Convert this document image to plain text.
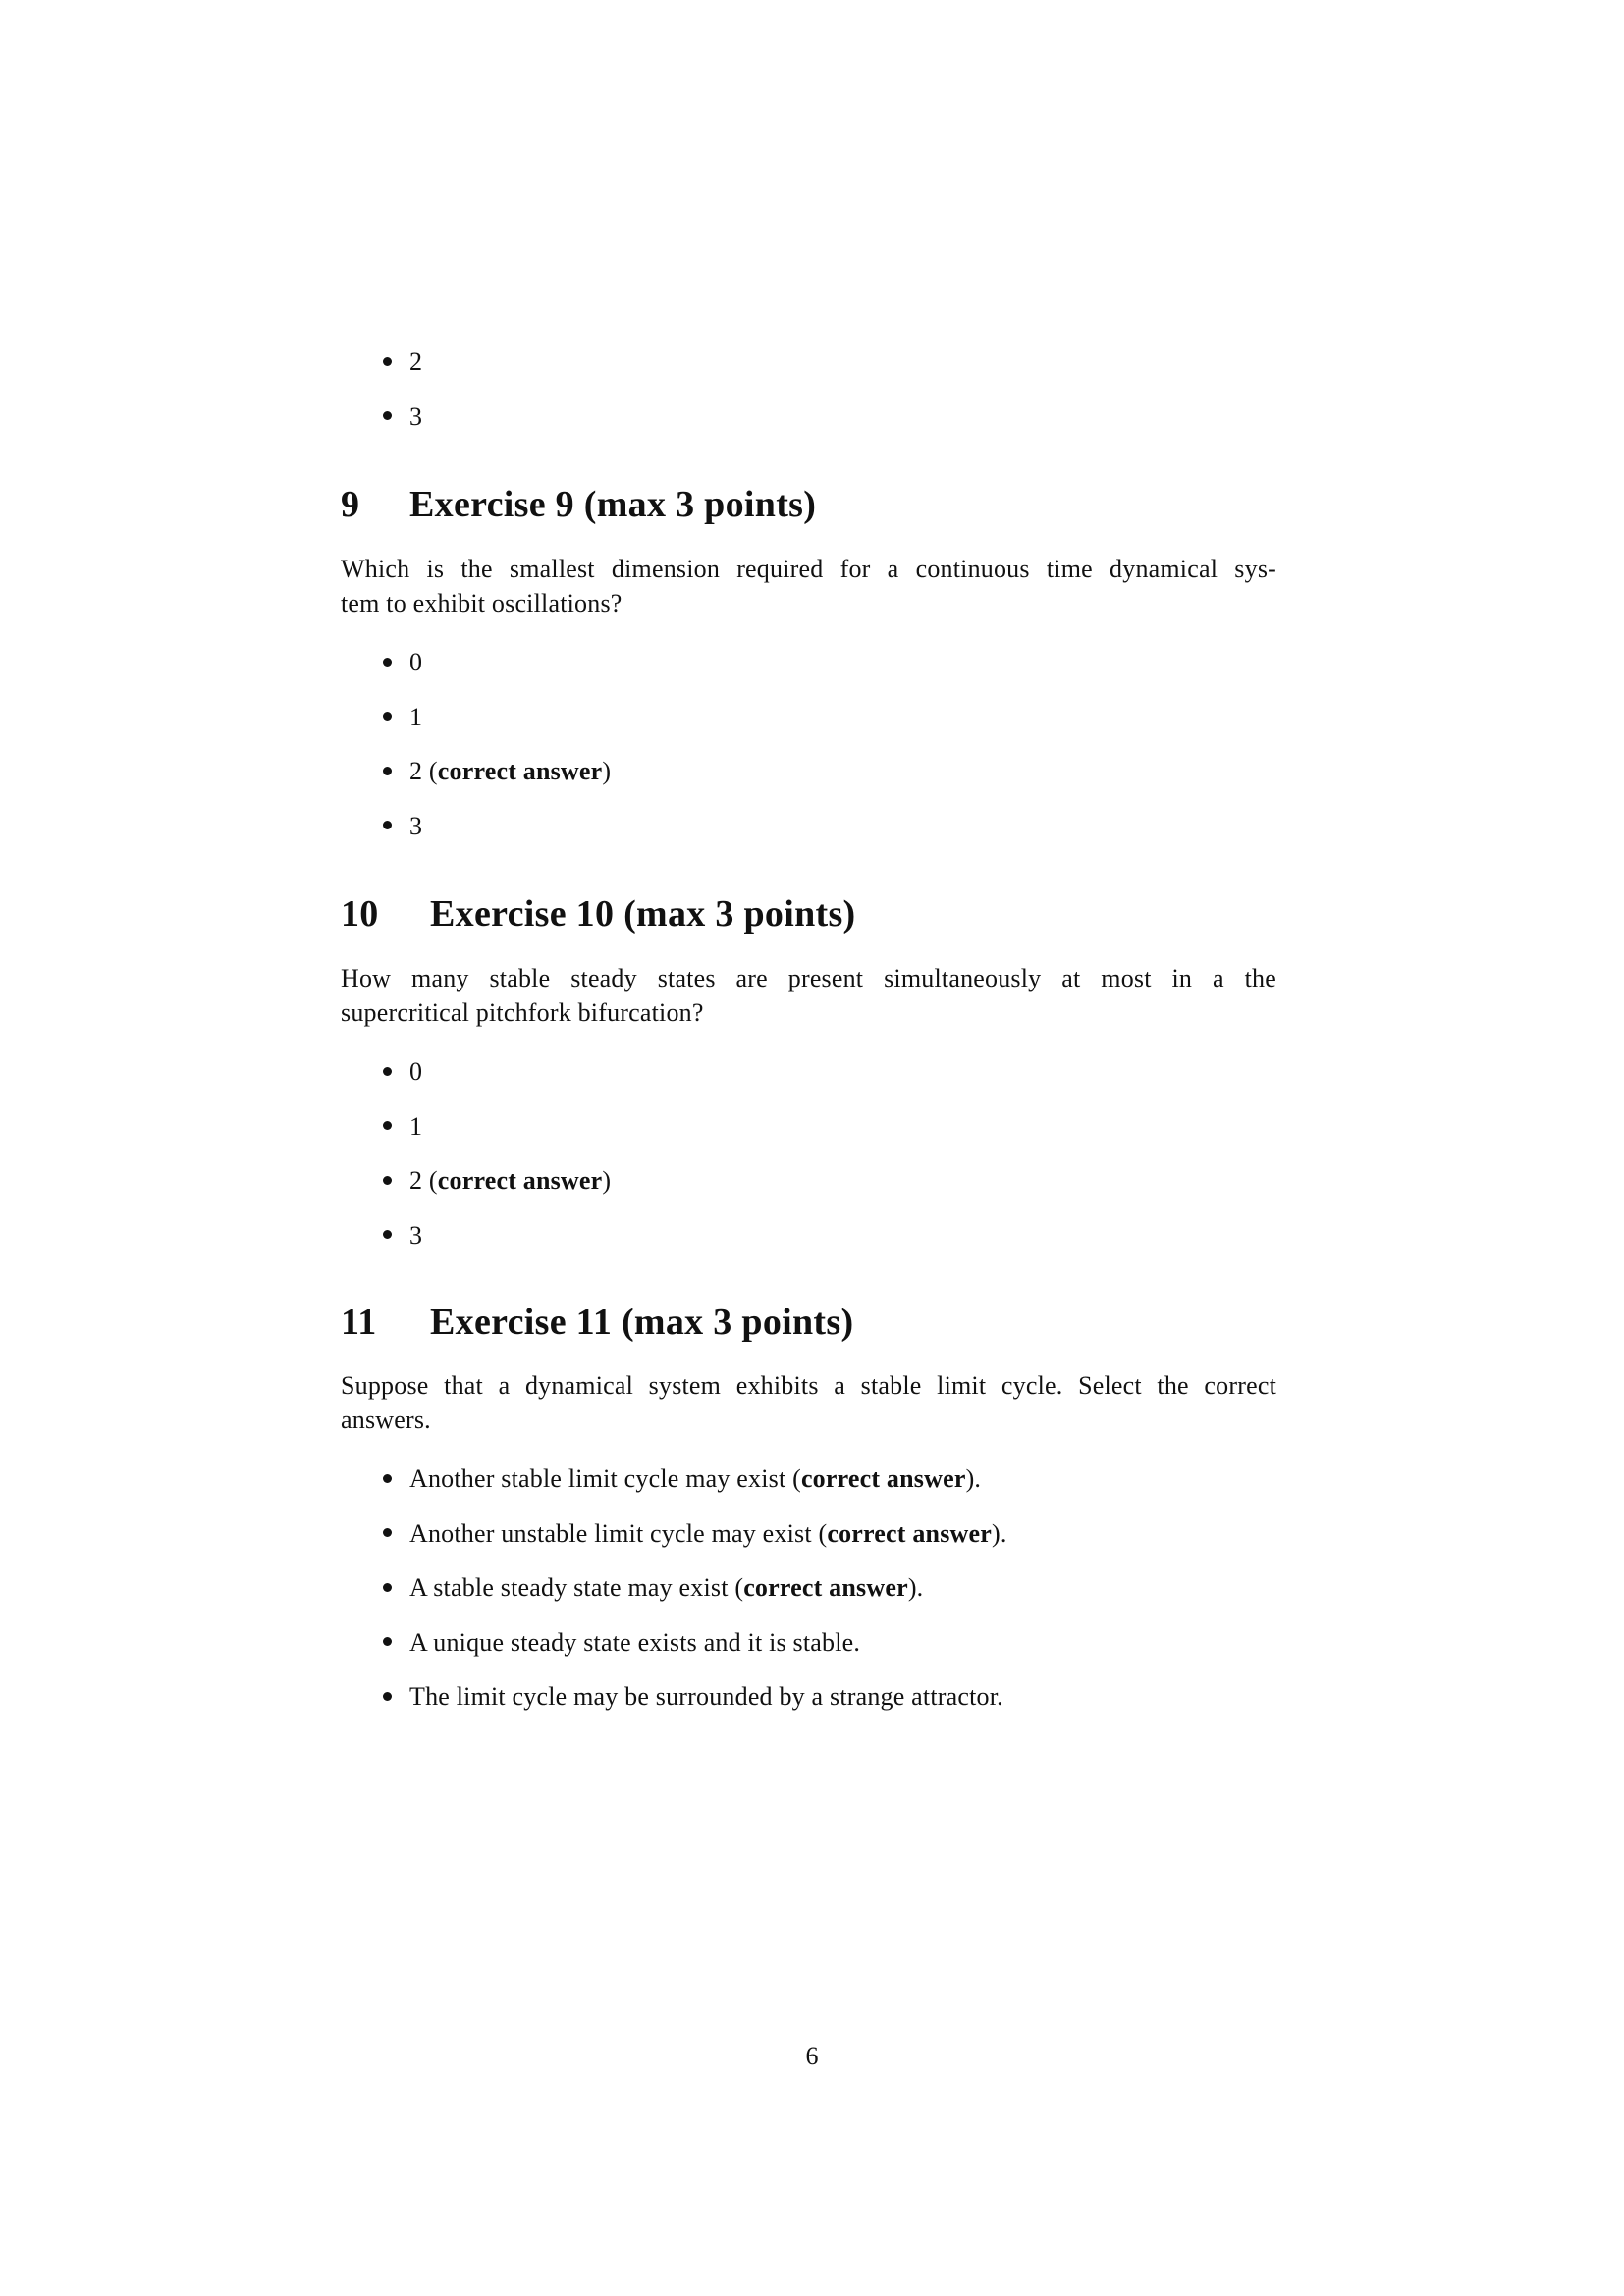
2
3
9 Exercise 9 (max 3 points)
Which is the smallest dimension required for a continuous time dynamical sys-
tem to exhibit oscillations?
0
1
2 (correct answer)
3
10 Exercise 10 (max 3 points)
How many stable steady states are present simultaneously at most in a the
supercritical pitchfork bifurcation?
0
1
2 (correct answer)
3
11 Exercise 11 (max 3 points)
Suppose that a dynamical system exhibits a stable limit cycle. Select the correct
answers.
Another stable limit cycle may exist (correct answer).
Another unstable limit cycle may exist (correct answer).
A stable steady state may exist (correct answer).
A unique steady state exists and it is stable.
The limit cycle may be surrounded by a strange attractor.
6
